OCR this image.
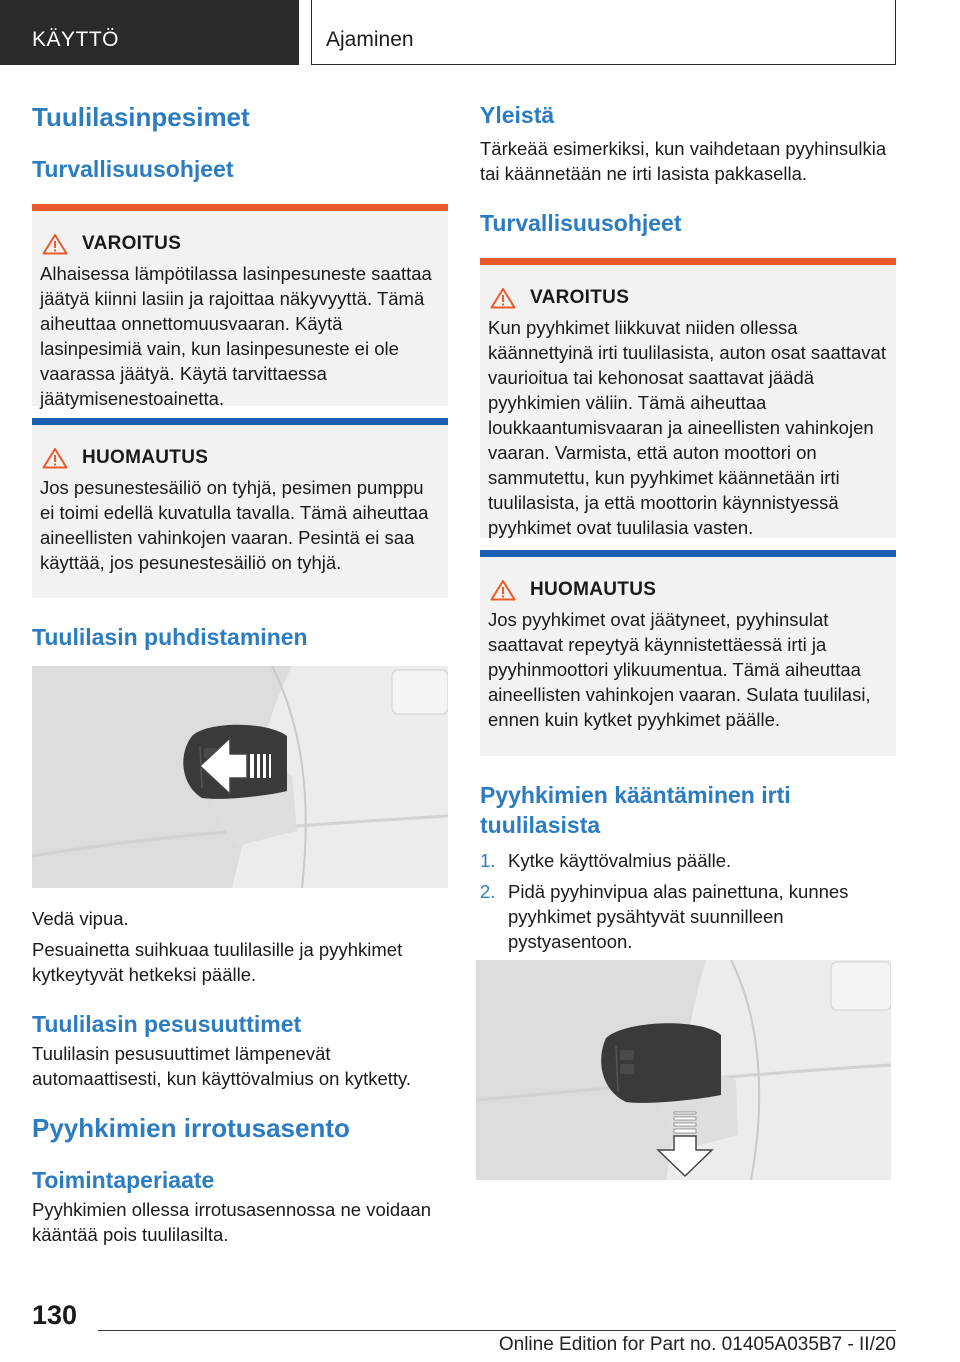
KÄYTTÖ	Ajaminen
Tuulilasinpesimet
Turvallisuusohjeet
VAROITUS
Alhaisessa lämpötilassa lasinpesuneste saattaa jäätyä kiinni lasiin ja rajoittaa näkyvyyttä. Tämä aiheuttaa onnettomuusvaaran. Käytä lasinpesimiä vain, kun lasinpesuneste ei ole vaarassa jäätyä. Käytä tarvittaessa jäätymisenestoainetta.
HUOMAUTUS
Jos pesunestesäiliö on tyhjä, pesimen pumppu ei toimi edellä kuvatulla tavalla. Tämä aiheuttaa aineellisten vahinkojen vaaran. Pesintä ei saa käyttää, jos pesunestesäiliö on tyhjä.
Tuulilasin puhdistaminen
Vedä vipua.
Pesuainetta suihkuaa tuulilasille ja pyyhkimet kytkeytyvät hetkeksi päälle.
Tuulilasin pesusuuttimet
Tuulilasin pesusuuttimet lämpenevät automaattisesti, kun käyttövalmius on kytketty.
Pyyhkimien irrotusasento
Toimintaperiaate
Pyyhkimien ollessa irrotusasennossa ne voidaan kääntää pois tuulilasilta.
Yleistä
Tärkeää esimerkiksi, kun vaihdetaan pyyhinsulkia tai käännetään ne irti lasista pakkasella.
Turvallisuusohjeet
VAROITUS
Kun pyyhkimet liikkuvat niiden ollessa käännettyinä irti tuulilasista, auton osat saattavat vaurioitua tai kehonosat saattavat jäädä pyyhkimien väliin. Tämä aiheuttaa loukkaantumisvaaran ja aineellisten vahinkojen vaaran. Varmista, että auton moottori on sammutettu, kun pyyhkimet käännetään irti tuulilasista, ja että moottorin käynnistyessä pyyhkimet ovat tuulilasia vasten.
HUOMAUTUS
Jos pyyhkimet ovat jäätyneet, pyyhinsulat saattavat repeytyä käynnistettäessä irti ja pyyhinmoottori ylikuumentua. Tämä aiheuttaa aineellisten vahinkojen vaaran. Sulata tuulilasi, ennen kuin kytket pyyhkimet päälle.
Pyyhkimien kääntäminen irti tuulilasista
1. Kytke käyttövalmius päälle.
2. Pidä pyyhinvipua alas painettuna, kunnes pyyhkimet pysähtyvät suunnilleen pystyasentoon.
130
Online Edition for Part no. 01405A035B7 - II/20
